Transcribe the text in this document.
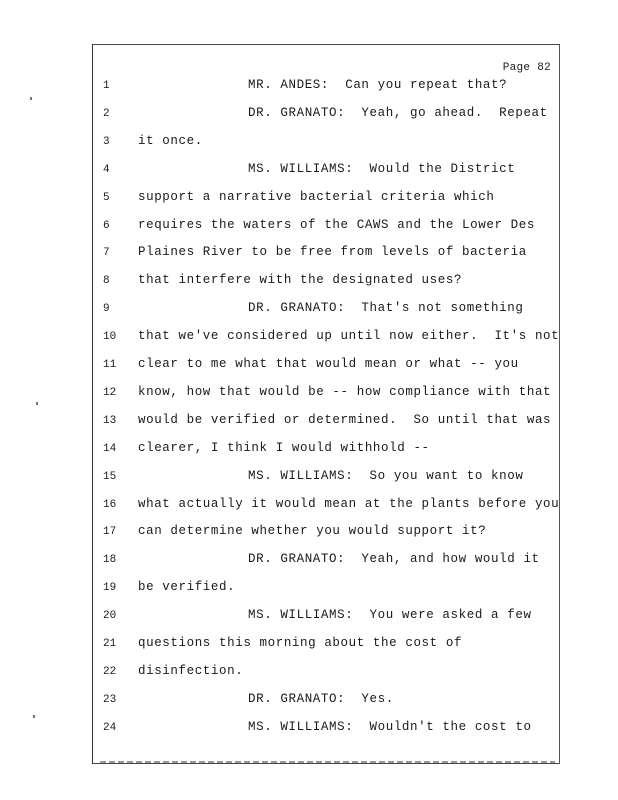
Page 82
1	MR. ANDES:  Can you repeat that?
2	DR. GRANATO:  Yeah, go ahead.  Repeat
3	it once.
4	MS. WILLIAMS:  Would the District
5	support a narrative bacterial criteria which
6	requires the waters of the CAWS and the Lower Des
7	Plaines River to be free from levels of bacteria
8	that interfere with the designated uses?
9	DR. GRANATO:  That's not something
10	that we've considered up until now either.  It's not
11	clear to me what that would mean or what -- you
12	know, how that would be -- how compliance with that
13	would be verified or determined.  So until that was
14	clearer, I think I would withhold --
15	MS. WILLIAMS:  So you want to know
16	what actually it would mean at the plants before you
17	can determine whether you would support it?
18	DR. GRANATO:  Yeah, and how would it
19	be verified.
20	MS. WILLIAMS:  You were asked a few
21	questions this morning about the cost of
22	disinfection.
23	DR. GRANATO:  Yes.
24	MS. WILLIAMS:  Wouldn't the cost to
